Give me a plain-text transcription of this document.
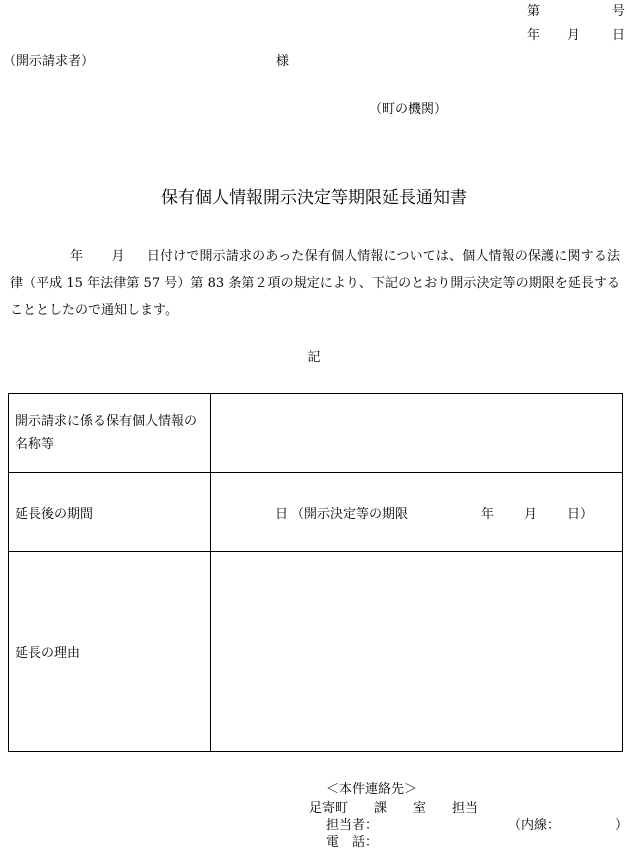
第	号
年 月 日
（開示請求者）	様
（町の機関）
保有個人情報開示決定等期限延長通知書
年 月 日付けで開示請求のあった保有個人情報については、個人情報の保護に関する法律（平成 15 年法律第 57 号）第 83 条第２項の規定により、下記のとおり開示決定等の期限を延長することとしたので通知します。
記
開示請求に係る保有個人情報の名称等	
延長後の期間	日 （開示決定等の期限 年 月 日）

延長の理由	
＜本件連絡先＞
足寄町　　課　　室　　担当
担当者：	（内線：	）
電　話：
